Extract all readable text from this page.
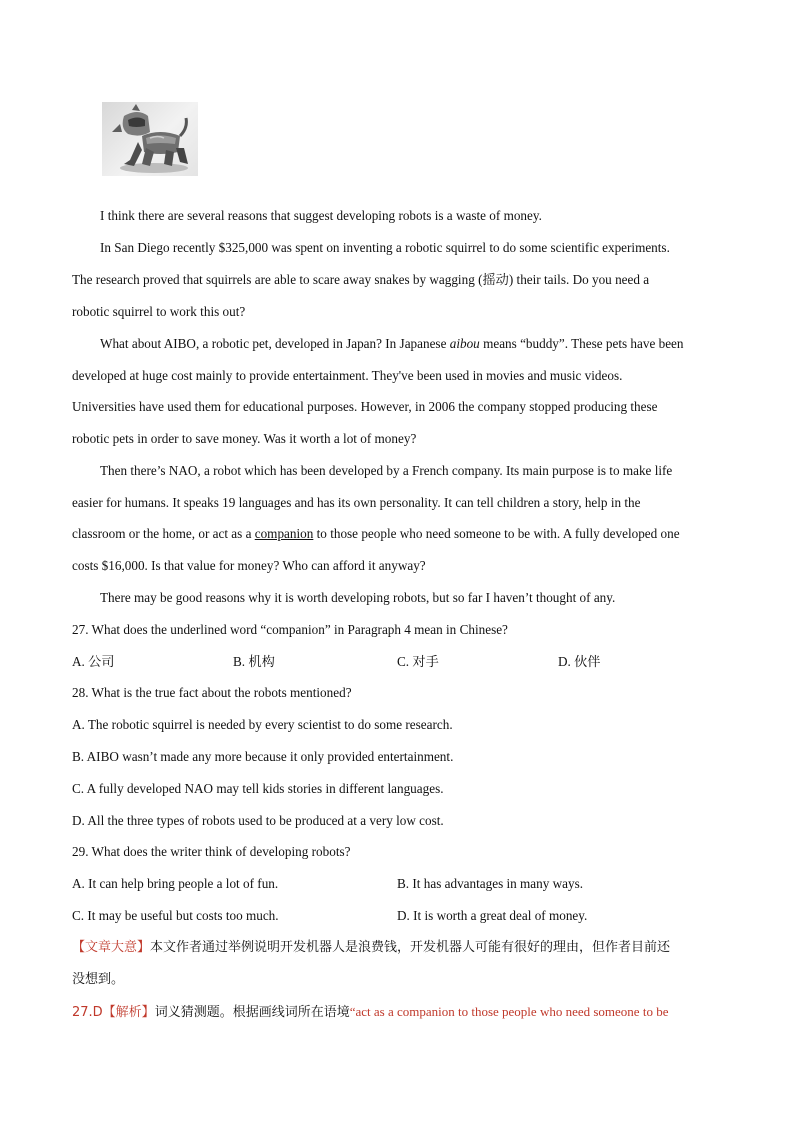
I think there are several reasons that suggest developing robots is a waste of money.
In San Diego recently $325,000 was spent on inventing a robotic squirrel to do some scientific experiments.
The research proved that squirrels are able to scare away snakes by wagging (摇动) their tails. Do you need a
robotic squirrel to work this out?
What about AIBO, a robotic pet, developed in Japan? In Japanese aibou means “buddy”. These pets have been
developed at huge cost mainly to provide entertainment. They've been used in movies and music videos.
Universities have used them for educational purposes. However, in 2006 the company stopped producing these
robotic pets in order to save money. Was it worth a lot of money?
Then there’s NAO, a robot which has been developed by a French company. Its main purpose is to make life
easier for humans. It speaks 19 languages and has its own personality. It can tell children a story, help in the
classroom or the home, or act as a companion to those people who need someone to be with. A fully developed one
costs $16,000. Is that value for money? Who can afford it anyway?
There may be good reasons why it is worth developing robots, but so far I haven’t thought of any.
27. What does the underlined word “companion” in Paragraph 4 mean in Chinese?
A. 公司	B. 机构	C. 对手	D. 伙伴
28. What is the true fact about the robots mentioned?
A. The robotic squirrel is needed by every scientist to do some research.
B. AIBO wasn’t made any more because it only provided entertainment.
C. A fully developed NAO may tell kids stories in different languages.
D. All the three types of robots used to be produced at a very low cost.
29. What does the writer think of developing robots?
A. It can help bring people a lot of fun.	B. It has advantages in many ways.
C. It may be useful but costs too much.	D. It is worth a great deal of money.
【文章大意】本文作者通过举例说明开发机器人是浪费钱，开发机器人可能有很好的理由，但作者目前还
没想到。
27.D【解析】词义猜测题。根据画线词所在语境“act as a companion to those people who need someone to be
